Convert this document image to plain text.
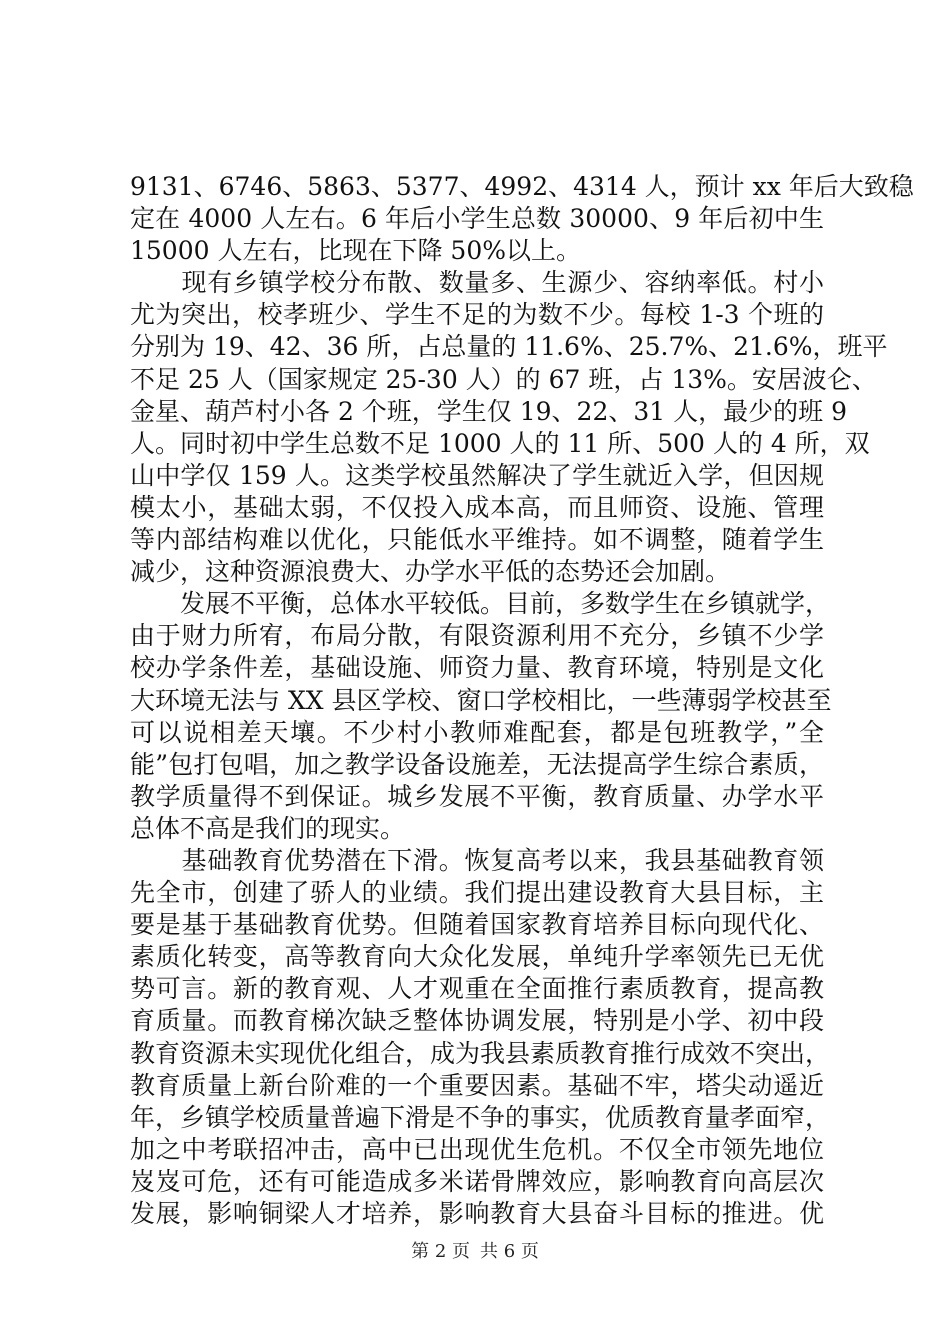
9131、6746、5863、5377、4992、4314 人，预计 xx 年后大致稳
定在 4000 人左右。6 年后小学生总数 30000、9 年后初中生
15000 人左右，比现在下降 50%以上。
　　现有乡镇学校分布散、数量多、生源少、容纳率低。村小
尤为突出，校孝班少、学生不足的为数不少。每校 1-3 个班的
分别为 19、42、36 所，占总量的 11.6%、25.7%、21.6%，班平
不足 25 人（国家规定 25-30 人）的 67 班，占 13%。安居波仑、
金星、葫芦村小各 2 个班，学生仅 19、22、31 人，最少的班 9
人。同时初中学生总数不足 1000 人的 11 所、500 人的 4 所，双
山中学仅 159 人。这类学校虽然解决了学生就近入学，但因规
模太小，基础太弱，不仅投入成本高，而且师资、设施、管理
等内部结构难以优化，只能低水平维持。如不调整，随着学生
减少，这种资源浪费大、办学水平低的态势还会加剧。
　　发展不平衡，总体水平较低。目前，多数学生在乡镇就学，
由于财力所宥，布局分散，有限资源利用不充分，乡镇不少学
校办学条件差，基础设施、师资力量、教育环境，特别是文化
大环境无法与 XX 县区学校、窗口学校相比，一些薄弱学校甚至
可以说相差天壤。不少村小教师难配套，都是包班教学，”全
能”包打包唱，加之教学设备设施差，无法提高学生综合素质，
教学质量得不到保证。城乡发展不平衡，教育质量、办学水平
总体不高是我们的现实。
　　基础教育优势潜在下滑。恢复高考以来，我县基础教育领
先全市，创建了骄人的业绩。我们提出建设教育大县目标，主
要是基于基础教育优势。但随着国家教育培养目标向现代化、
素质化转变，高等教育向大众化发展，单纯升学率领先已无优
势可言。新的教育观、人才观重在全面推行素质教育，提高教
育质量。而教育梯次缺乏整体协调发展，特别是小学、初中段
教育资源未实现优化组合，成为我县素质教育推行成效不突出，
教育质量上新台阶难的一个重要因素。基础不牢，塔尖动遥近
年，乡镇学校质量普遍下滑是不争的事实，优质教育量孝面窄，
加之中考联招冲击，高中已出现优生危机。不仅全市领先地位
岌岌可危，还有可能造成多米诺骨牌效应，影响教育向高层次
发展，影响铜梁人才培养，影响教育大县奋斗目标的推进。优
第 2 页 共 6 页
